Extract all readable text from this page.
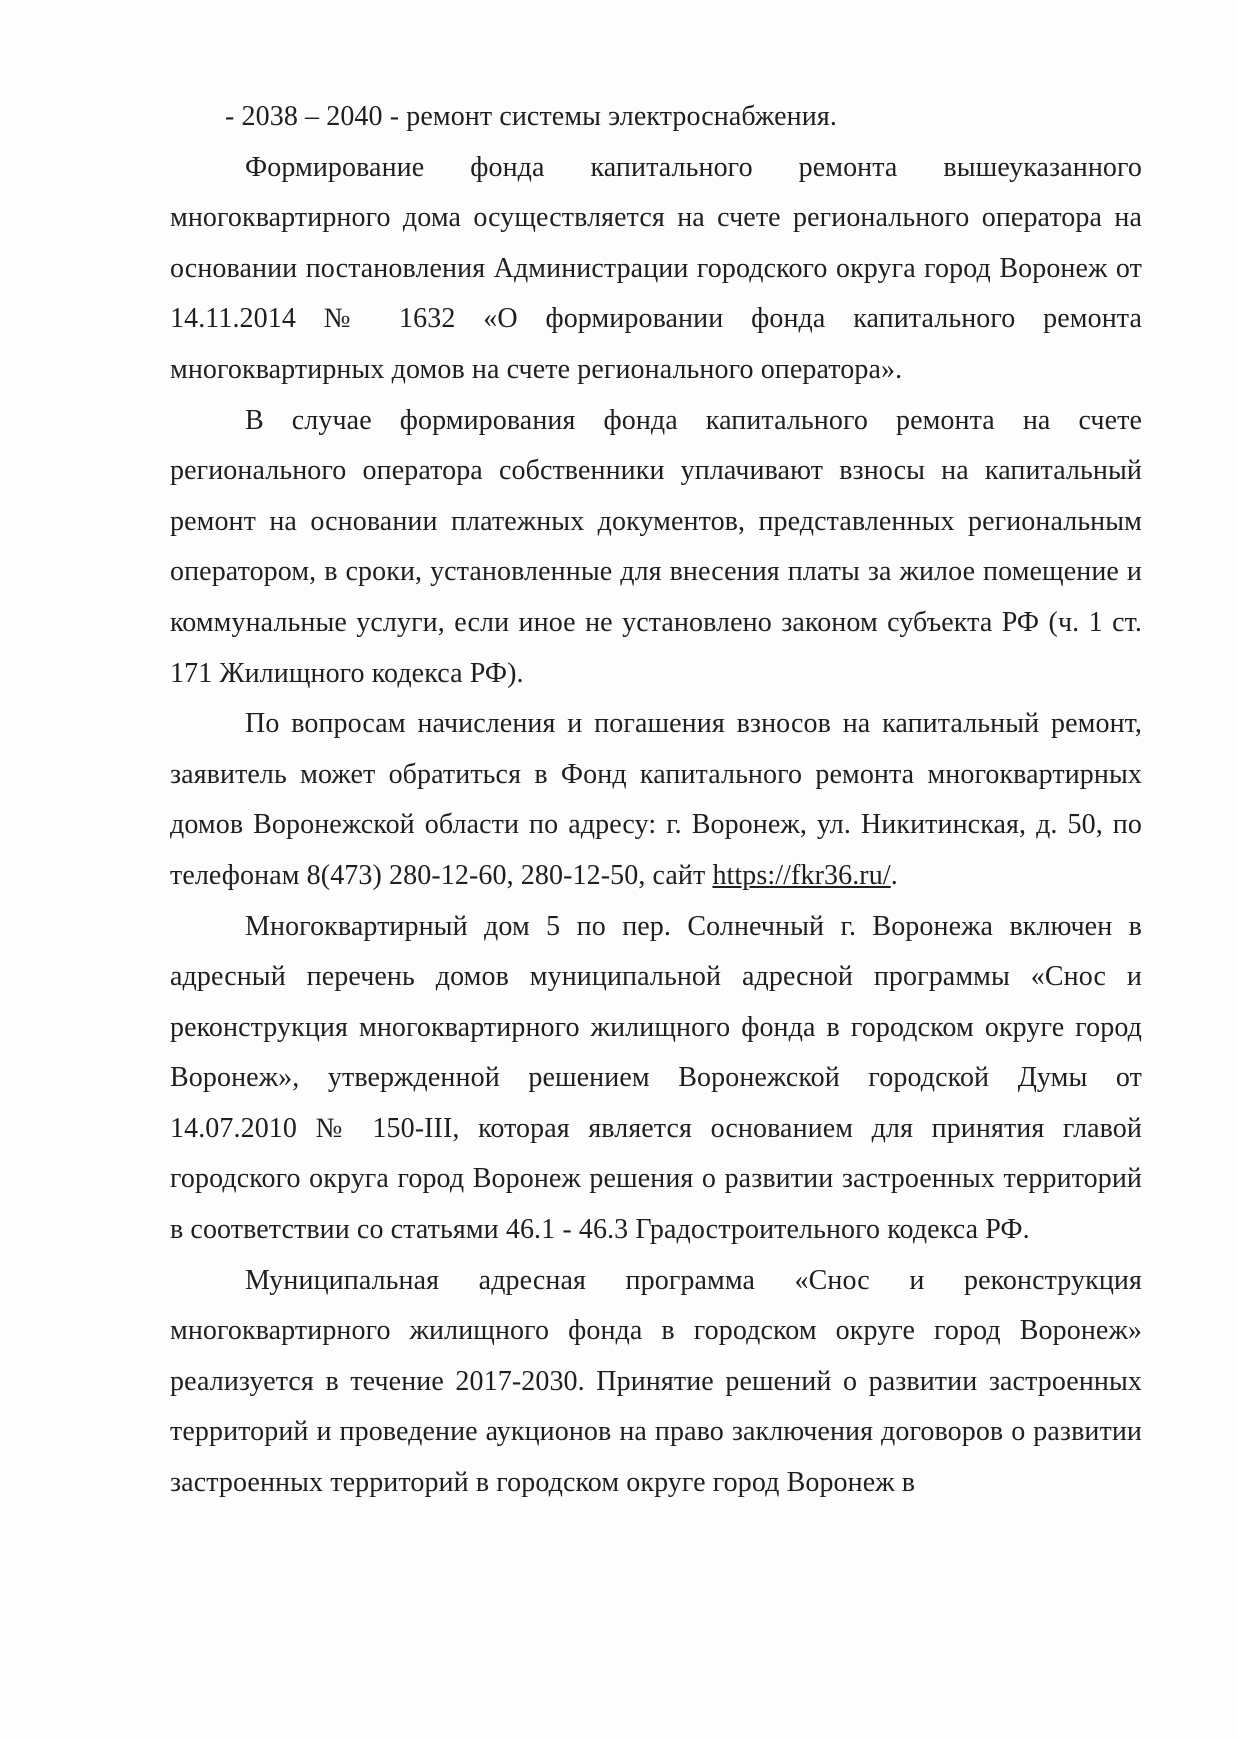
- 2038 – 2040 - ремонт системы электроснабжения.

Формирование фонда капитального ремонта вышеуказанного многоквартирного дома осуществляется на счете регионального оператора на основании постановления Администрации городского округа город Воронеж от 14.11.2014 № 1632 «О формировании фонда капитального ремонта многоквартирных домов на счете регионального оператора».

В случае формирования фонда капитального ремонта на счете регионального оператора собственники уплачивают взносы на капитальный ремонт на основании платежных документов, представленных региональным оператором, в сроки, установленные для внесения платы за жилое помещение и коммунальные услуги, если иное не установлено законом субъекта РФ (ч. 1 ст. 171 Жилищного кодекса РФ).

По вопросам начисления и погашения взносов на капитальный ремонт, заявитель может обратиться в Фонд капитального ремонта многоквартирных домов Воронежской области по адресу: г. Воронеж, ул. Никитинская, д. 50, по телефонам 8(473) 280-12-60, 280-12-50, сайт https://fkr36.ru/.

Многоквартирный дом 5 по пер. Солнечный г. Воронежа включен в адресный перечень домов муниципальной адресной программы «Снос и реконструкция многоквартирного жилищного фонда в городском округе город Воронеж», утвержденной решением Воронежской городской Думы от 14.07.2010 № 150-III, которая является основанием для принятия главой городского округа город Воронеж решения о развитии застроенных территорий в соответствии со статьями 46.1 - 46.3 Градостроительного кодекса РФ.

Муниципальная адресная программа «Снос и реконструкция многоквартирного жилищного фонда в городском округе город Воронеж» реализуется в течение 2017-2030. Принятие решений о развитии застроенных территорий и проведение аукционов на право заключения договоров о развитии застроенных территорий в городском округе город Воронеж в
